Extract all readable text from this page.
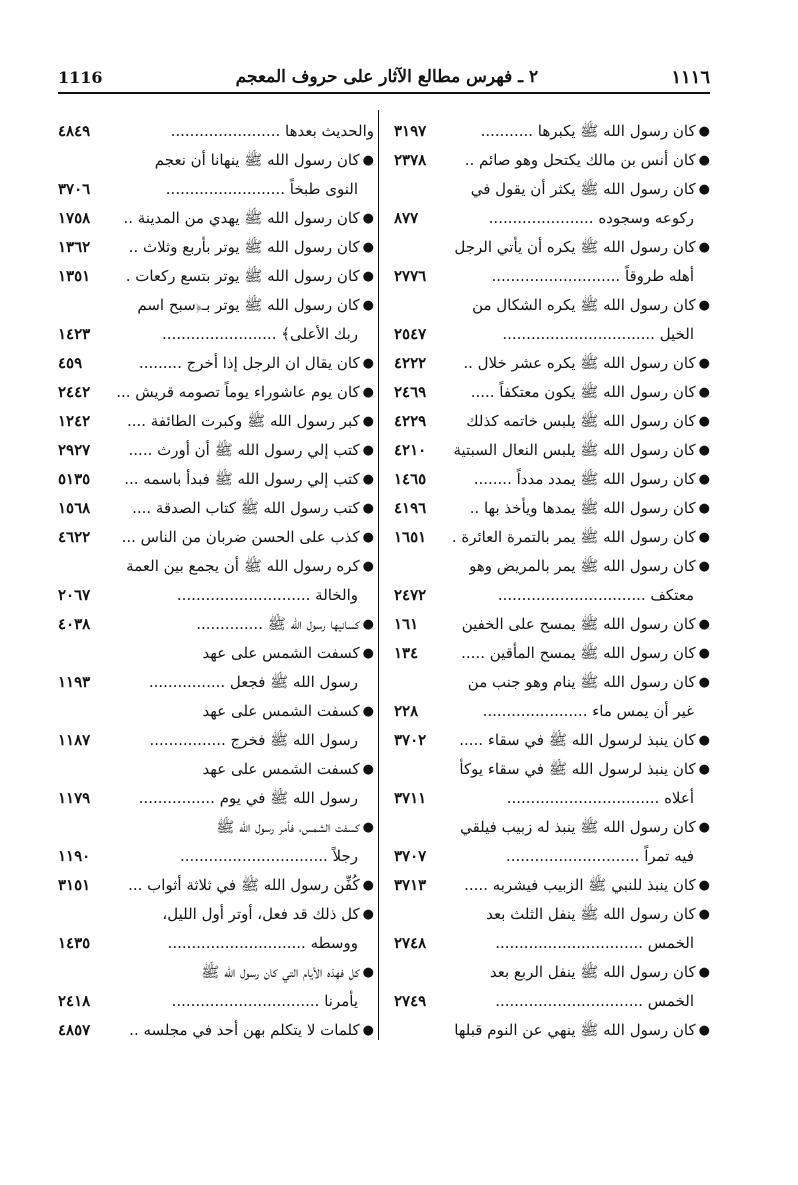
1116	٢ ـ فهرس مطالع الآثار على حروف المعجم	١١١٦
●
كان رسول الله ﷺ يكبرها ...........
٣١٩٧
●
كان أنس بن مالك يكتحل وهو صائم ..
٢٣٧٨
●
كان رسول الله ﷺ يكثر أن يقول في
ركوعه وسجوده ......................
٨٧٧
●
كان رسول الله ﷺ يكره أن يأتي الرجل
أهله طروقاً ...........................
٢٧٧٦
●
كان رسول الله ﷺ يكره الشكال من
الخيل ................................
٢٥٤٧
●
كان رسول الله ﷺ يكره عشر خلال ..
٤٢٢٢
●
كان رسول الله ﷺ يكون معتكفاً .....
٢٤٦٩
●
كان رسول الله ﷺ يلبس خاتمه كذلك
٤٢٢٩
●
كان رسول الله ﷺ يلبس النعال السبتية
٤٢١٠
●
كان رسول الله ﷺ يمدد مدداً ........
١٤٦٥
●
كان رسول الله ﷺ يمدها ويأخذ بها ..
٤١٩٦
●
كان رسول الله ﷺ يمر بالتمرة العائرة .
١٦٥١
●
كان رسول الله ﷺ يمر بالمريض وهو
معتكف ...............................
٢٤٧٢
●
كان رسول الله ﷺ يمسح على الخفين
١٦١
●
كان رسول الله ﷺ يمسح المأقين .....
١٣٤
●
كان رسول الله ﷺ ينام وهو جنب من
غير أن يمس ماء ......................
٢٢٨
●
كان ينبذ لرسول الله ﷺ في سقاء .....
٣٧٠٢
●
كان ينبذ لرسول الله ﷺ في سقاء يوكأ
أعلاه ................................
٣٧١١
●
كان رسول الله ﷺ ينبذ له زبيب فيلقي
فيه تمراً ............................
٣٧٠٧
●
كان ينبذ للنبي ﷺ الزبيب فيشربه .....
٣٧١٣
●
كان رسول الله ﷺ ينفل الثلث بعد
الخمس ...............................
٢٧٤٨
●
كان رسول الله ﷺ ينفل الربع بعد
الخمس ...............................
٢٧٤٩
●
كان رسول الله ﷺ ينهي عن النوم قبلها
والحديث بعدها .......................
٤٨٤٩
●
كان رسول الله ﷺ ينهانا أن نعجم
النوى طبخاً .........................
٣٧٠٦
●
كان رسول الله ﷺ يهدي من المدينة ..
١٧٥٨
●
كان رسول الله ﷺ يوتر بأربع وثلاث ..
١٣٦٢
●
كان رسول الله ﷺ يوتر بتسع ركعات .
١٣٥١
●
كان رسول الله ﷺ يوتر بـ﴿سبح اسم
ربك الأعلى﴾ ........................
١٤٢٣
●
كان يقال ان الرجل إذا أخرج .........
٤٥٩
●
كان يوم عاشوراء يوماً تصومه قريش ...
٢٤٤٢
●
كبر رسول الله ﷺ وكبرت الطائفة ....
١٢٤٢
●
كتب إلي رسول الله ﷺ أن أورث .....
٢٩٢٧
●
كتب إلي رسول الله ﷺ فبدأ باسمه ...
٥١٣٥
●
كتب رسول الله ﷺ كتاب الصدقة ....
١٥٦٨
●
كذب على الحسن ضربان من الناس ...
٤٦٢٢
●
كره رسول الله ﷺ أن يجمع بين العمة
والخالة ............................
٢٠٦٧
●
كسانيها رسول الله ﷺ ..............
٤٠٣٨
●
كسفت الشمس على عهد
رسول الله ﷺ فجعل ................
١١٩٣
●
كسفت الشمس على عهد
رسول الله ﷺ فخرج ................
١١٨٧
●
كسفت الشمس على عهد
رسول الله ﷺ في يوم ................
١١٧٩
●
كسفت الشمس، فأمر رسول الله ﷺ
رجلاً ...............................
١١٩٠
●
كُفِّن رسول الله ﷺ في ثلاثة أثواب ...
٣١٥١
●
كل ذلك قد فعل، أوتر أول الليل،
ووسطه .............................
١٤٣٥
●
كل فهذه الأيام التي كان رسول الله ﷺ
يأمرنا ...............................
٢٤١٨
●
كلمات لا يتكلم بهن أحد في مجلسه ..
٤٨٥٧
